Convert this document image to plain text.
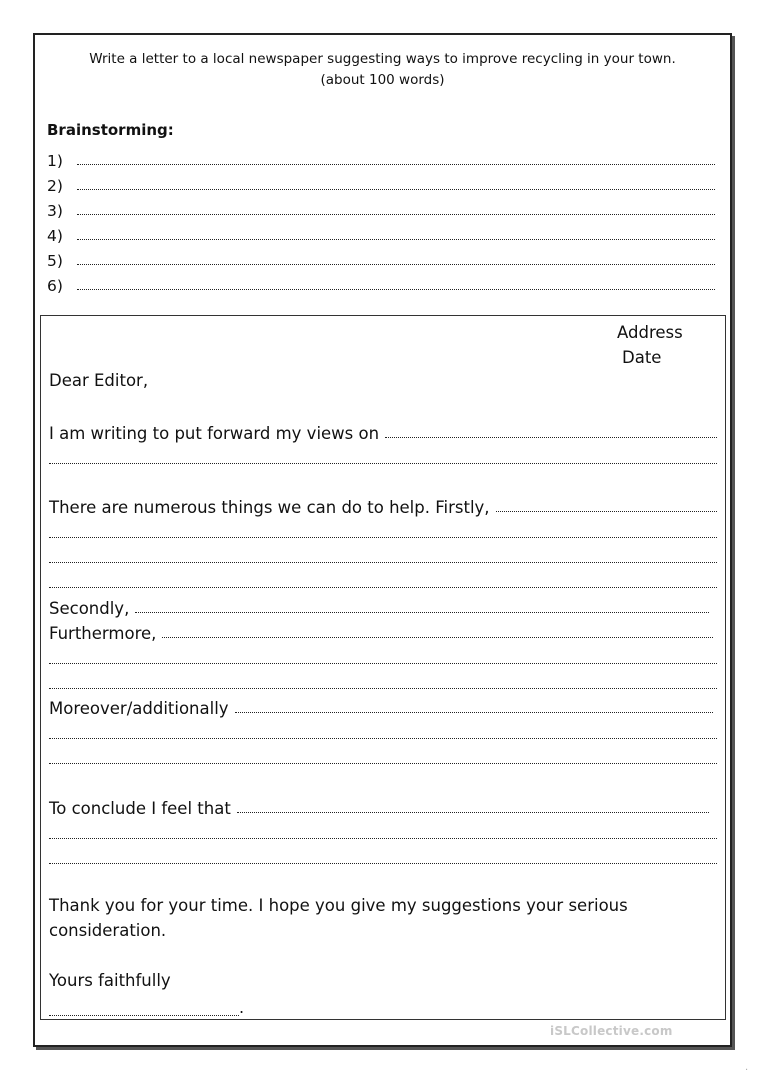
Write a letter to a local newspaper suggesting ways to improve recycling in your town.
(about 100 words)
Brainstorming:
1)
2)
3)
4)
5)
6)
Address
Date
Dear Editor,
I am writing to put forward my views on
There are numerous things we can do to help. Firstly,
Secondly,
Furthermore,
Moreover/additionally
To conclude I feel that
Thank you for your time. I hope you give my suggestions your serious
consideration.
Yours faithfully
.
iSLCollective.com
.
